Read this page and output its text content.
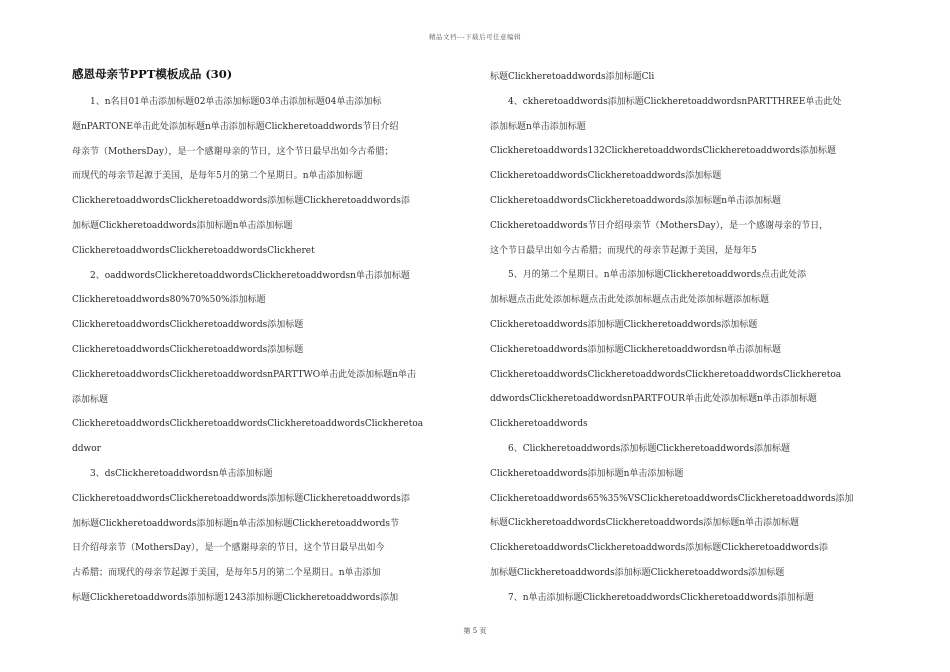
精品文档---下载后可任意编辑
感恩母亲节PPT模板成品 (30)
　　1、n名目01单击添加标题02单击添加标题03单击添加标题04单击添加标
题nPARTONE单击此处添加标题n单击添加标题Clickheretoaddwords节日介绍
母亲节（MothersDay），是一个感谢母亲的节日，这个节日最早出如今古希腊；
而现代的母亲节起源于美国，是每年5月的第二个星期日。n单击添加标题
ClickheretoaddwordsClickheretoaddwords添加标题Clickheretoaddwords添
加标题Clickheretoaddwords添加标题n单击添加标题
ClickheretoaddwordsClickheretoaddwordsClickheret
　　2、oaddwordsClickheretoaddwordsClickheretoaddwordsn单击添加标题
Clickheretoaddwords80%70%50%添加标题
ClickheretoaddwordsClickheretoaddwords添加标题
ClickheretoaddwordsClickheretoaddwords添加标题
ClickheretoaddwordsClickheretoaddwordsnPARTTWO单击此处添加标题n单击
添加标题
ClickheretoaddwordsClickheretoaddwordsClickheretoaddwordsClickheretoa
ddwor
　　3、dsClickheretoaddwordsn单击添加标题
ClickheretoaddwordsClickheretoaddwords添加标题Clickheretoaddwords添
加标题Clickheretoaddwords添加标题n单击添加标题Clickheretoaddwords节
日介绍母亲节（MothersDay），是一个感谢母亲的节日，这个节日最早出如今
古希腊；而现代的母亲节起源于美国，是每年5月的第二个星期日。n单击添加
标题Clickheretoaddwords添加标题1243添加标题Clickheretoaddwords添加
标题Clickheretoaddwords添加标题Cli
　　4、ckheretoaddwords添加标题ClickheretoaddwordsnPARTTHREE单击此处
添加标题n单击添加标题
Clickheretoaddwords132ClickheretoaddwordsClickheretoaddwords添加标题
ClickheretoaddwordsClickheretoaddwords添加标题
ClickheretoaddwordsClickheretoaddwords添加标题n单击添加标题
Clickheretoaddwords节日介绍母亲节（MothersDay），是一个感谢母亲的节日，
这个节日最早出如今古希腊；而现代的母亲节起源于美国，是每年5
　　5、月的第二个星期日。n单击添加标题Clickheretoaddwords点击此处添
加标题点击此处添加标题点击此处添加标题点击此处添加标题添加标题
Clickheretoaddwords添加标题Clickheretoaddwords添加标题
Clickheretoaddwords添加标题Clickheretoaddwordsn单击添加标题
ClickheretoaddwordsClickheretoaddwordsClickheretoaddwordsClickheretoa
ddwordsClickheretoaddwordsnPARTFOUR单击此处添加标题n单击添加标题
Clickheretoaddwords
　　6、Clickheretoaddwords添加标题Clickheretoaddwords添加标题
Clickheretoaddwords添加标题n单击添加标题
Clickheretoaddwords65%35%VSClickheretoaddwordsClickheretoaddwords添加
标题ClickheretoaddwordsClickheretoaddwords添加标题n单击添加标题
ClickheretoaddwordsClickheretoaddwords添加标题Clickheretoaddwords添
加标题Clickheretoaddwords添加标题Clickheretoaddwords添加标题
　　7、n单击添加标题ClickheretoaddwordsClickheretoaddwords添加标题
第 5 页
